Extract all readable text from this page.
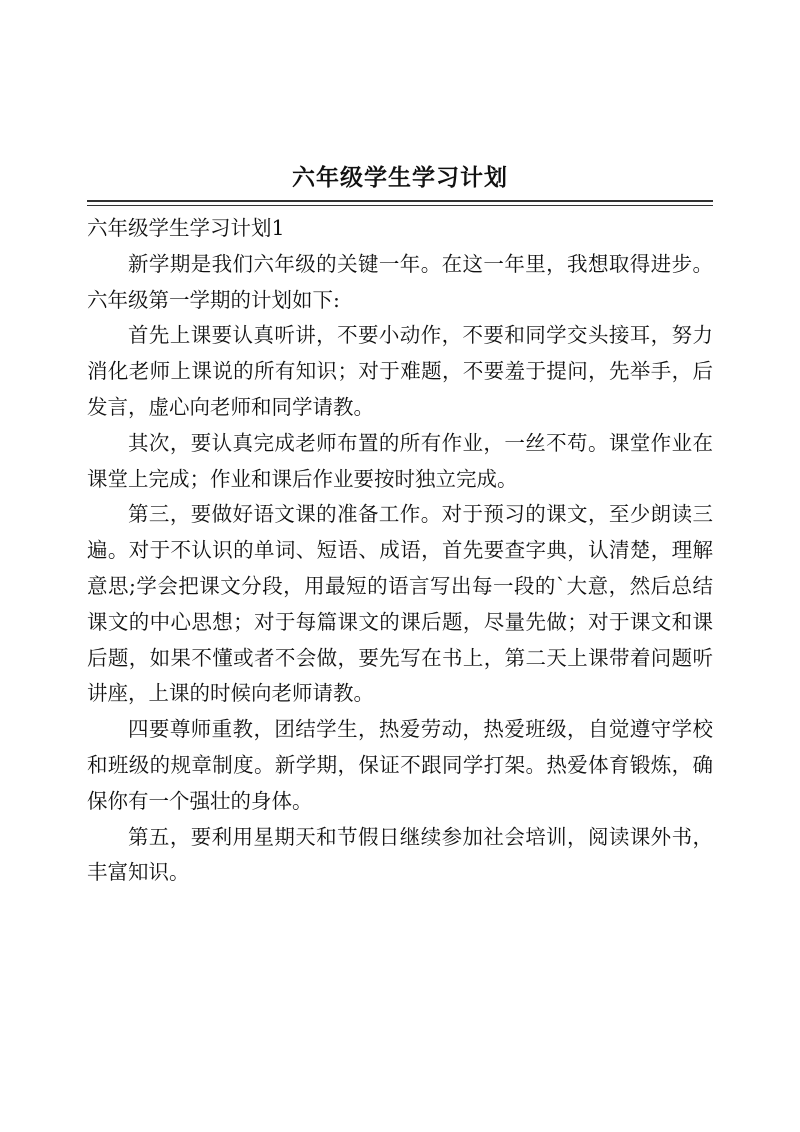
六年级学生学习计划

六年级学生学习计划1

新学期是我们六年级的关键一年。在这一年里，我想取得进步。六年级第一学期的计划如下:

首先上课要认真听讲，不要小动作，不要和同学交头接耳，努力消化老师上课说的所有知识；对于难题，不要羞于提问，先举手，后发言，虚心向老师和同学请教。

其次，要认真完成老师布置的所有作业，一丝不苟。课堂作业在课堂上完成；作业和课后作业要按时独立完成。

第三，要做好语文课的准备工作。对于预习的课文，至少朗读三遍。对于不认识的单词、短语、成语，首先要查字典，认清楚，理解意思;学会把课文分段，用最短的语言写出每一段的`大意，然后总结课文的中心思想；对于每篇课文的课后题，尽量先做；对于课文和课后题，如果不懂或者不会做，要先写在书上，第二天上课带着问题听讲座，上课的时候向老师请教。

四要尊师重教，团结学生，热爱劳动，热爱班级，自觉遵守学校和班级的规章制度。新学期，保证不跟同学打架。热爱体育锻炼，确保你有一个强壮的身体。

第五，要利用星期天和节假日继续参加社会培训，阅读课外书，丰富知识。
